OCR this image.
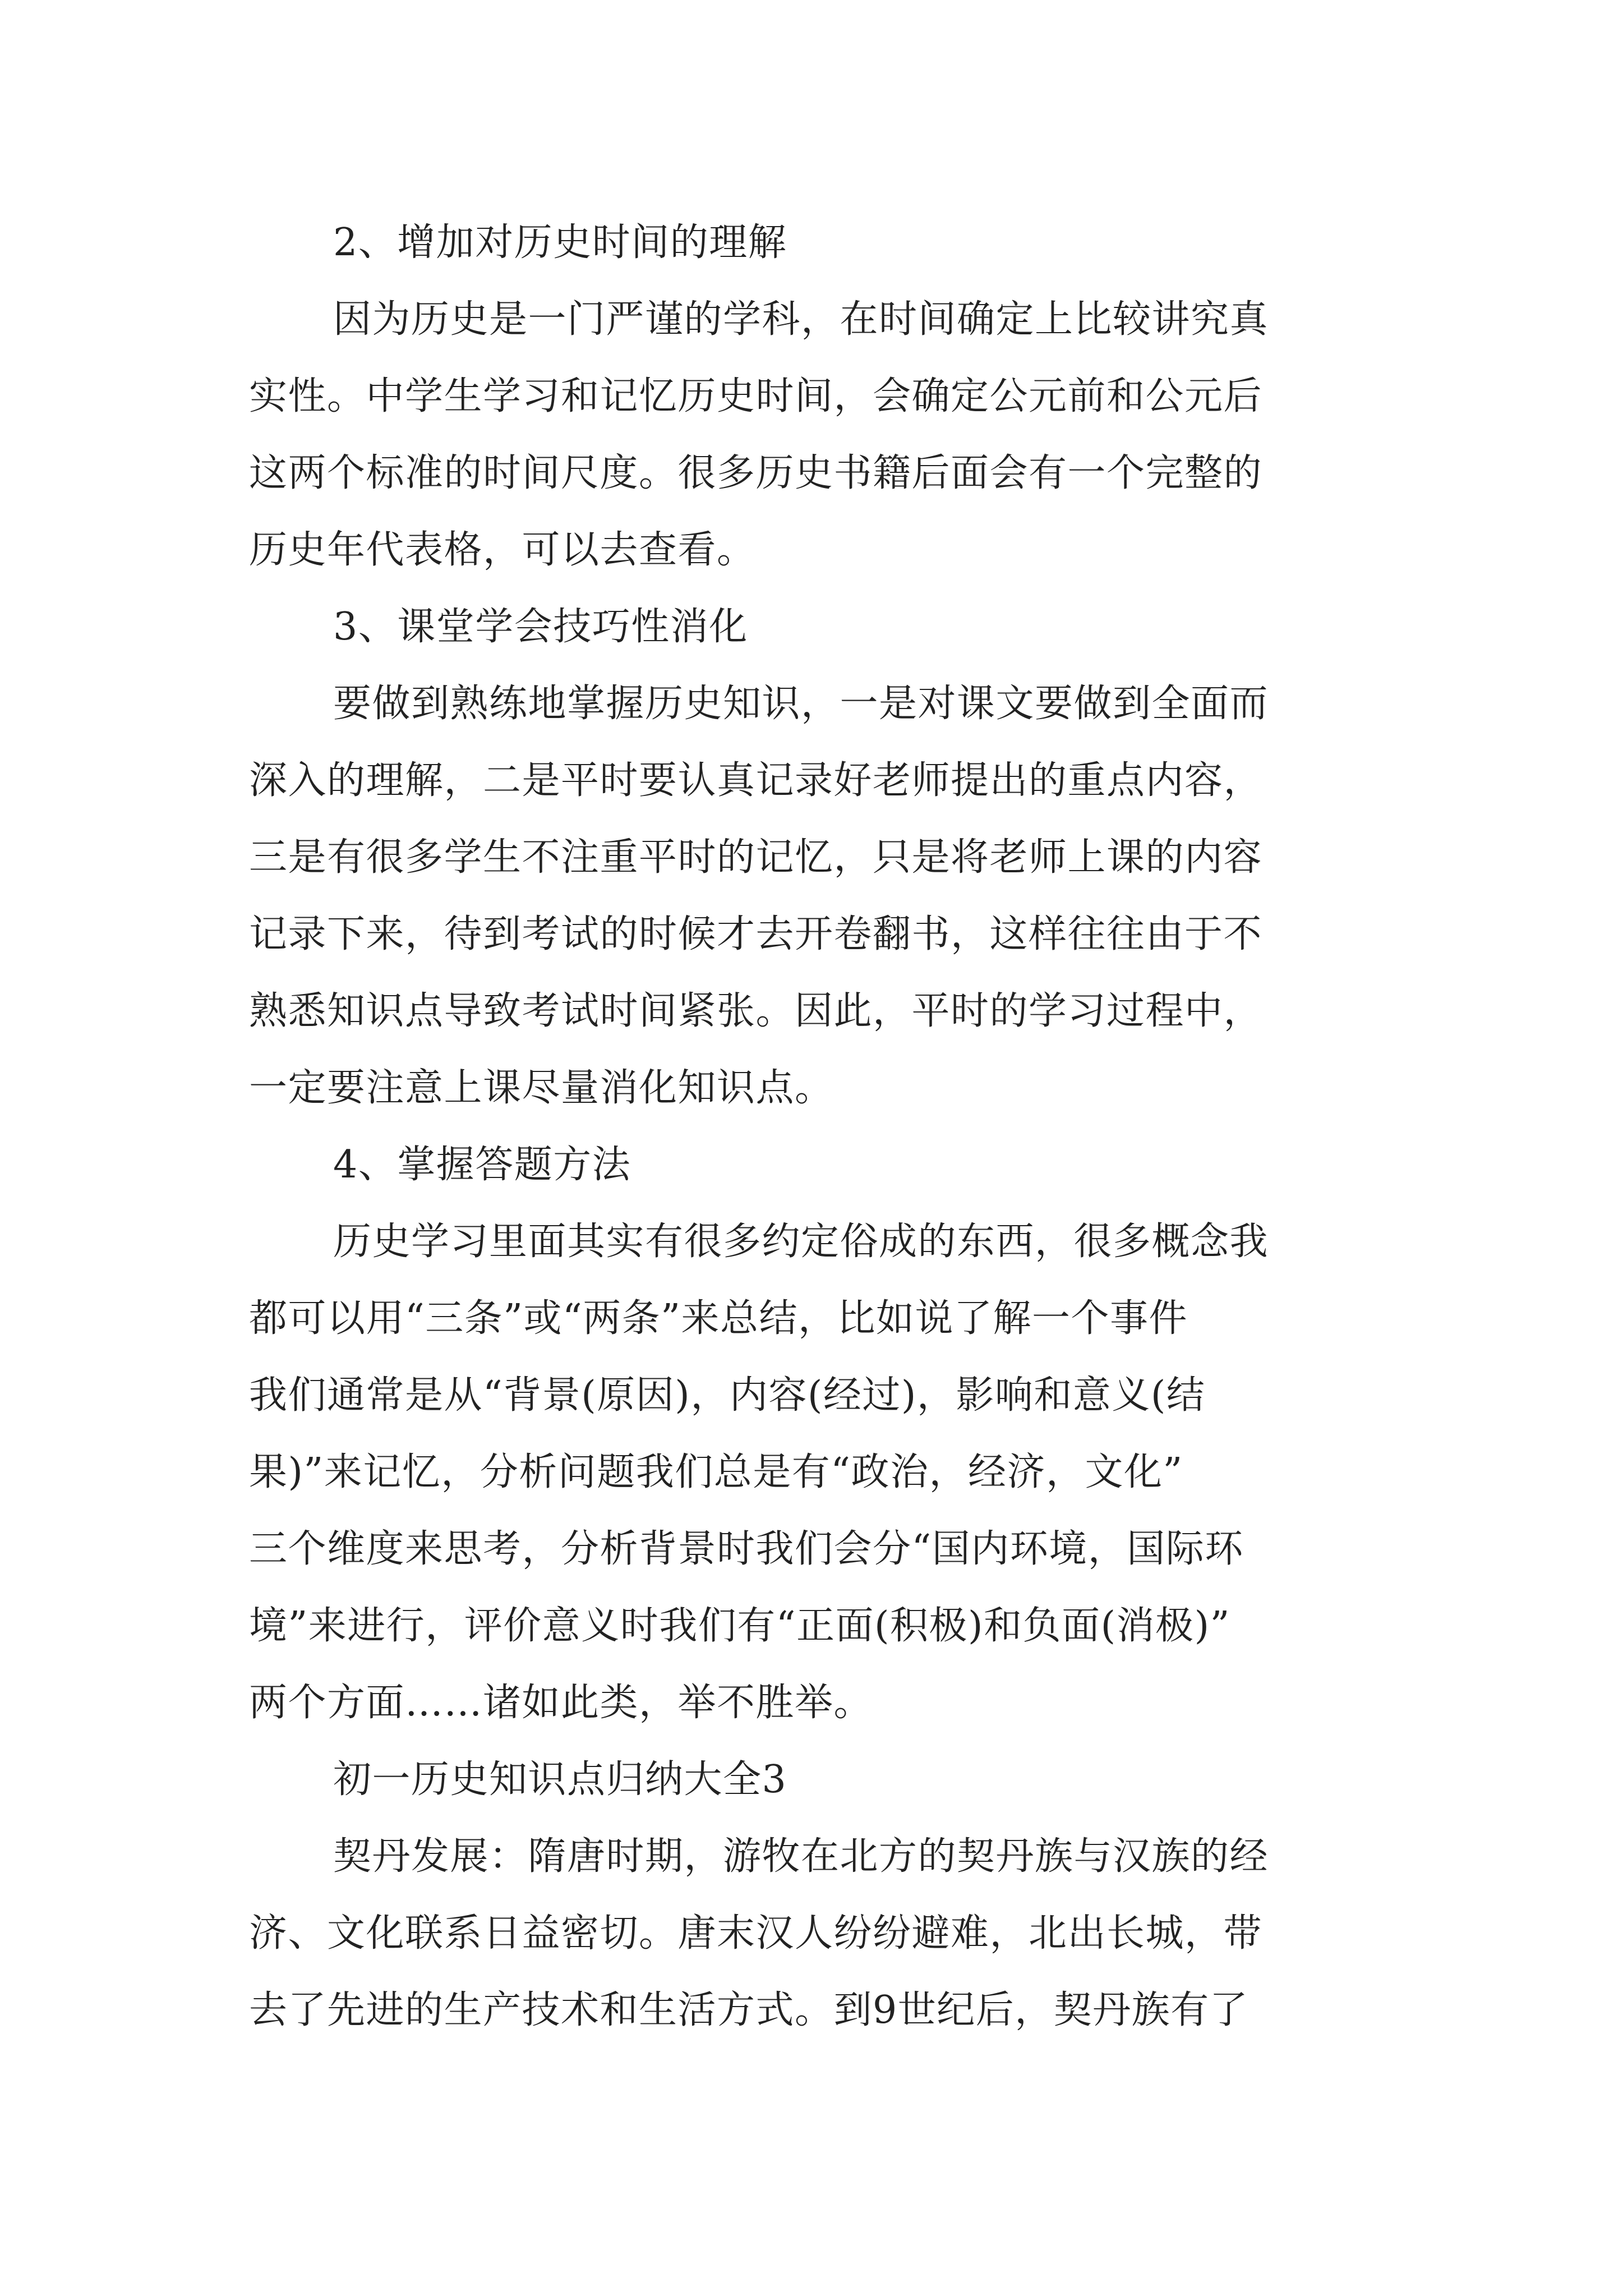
2、增加对历史时间的理解
因为历史是一门严谨的学科，在时间确定上比较讲究真
实性。中学生学习和记忆历史时间，会确定公元前和公元后
这两个标准的时间尺度。很多历史书籍后面会有一个完整的
历史年代表格，可以去查看。
3、课堂学会技巧性消化
要做到熟练地掌握历史知识，一是对课文要做到全面而
深入的理解，二是平时要认真记录好老师提出的重点内容，
三是有很多学生不注重平时的记忆，只是将老师上课的内容
记录下来，待到考试的时候才去开卷翻书，这样往往由于不
熟悉知识点导致考试时间紧张。因此，平时的学习过程中，
一定要注意上课尽量消化知识点。
4、掌握答题方法
历史学习里面其实有很多约定俗成的东西，很多概念我
都可以用“三条”或“两条”来总结，比如说了解一个事件
我们通常是从“背景(原因)，内容(经过)，影响和意义(结
果)”来记忆，分析问题我们总是有“政治，经济，文化”
三个维度来思考，分析背景时我们会分“国内环境，国际环
境”来进行，评价意义时我们有“正面(积极)和负面(消极)”
两个方面……诸如此类，举不胜举。
初一历史知识点归纳大全3
契丹发展：隋唐时期，游牧在北方的契丹族与汉族的经
济、文化联系日益密切。唐末汉人纷纷避难，北出长城，带
去了先进的生产技术和生活方式。到9世纪后，契丹族有了
